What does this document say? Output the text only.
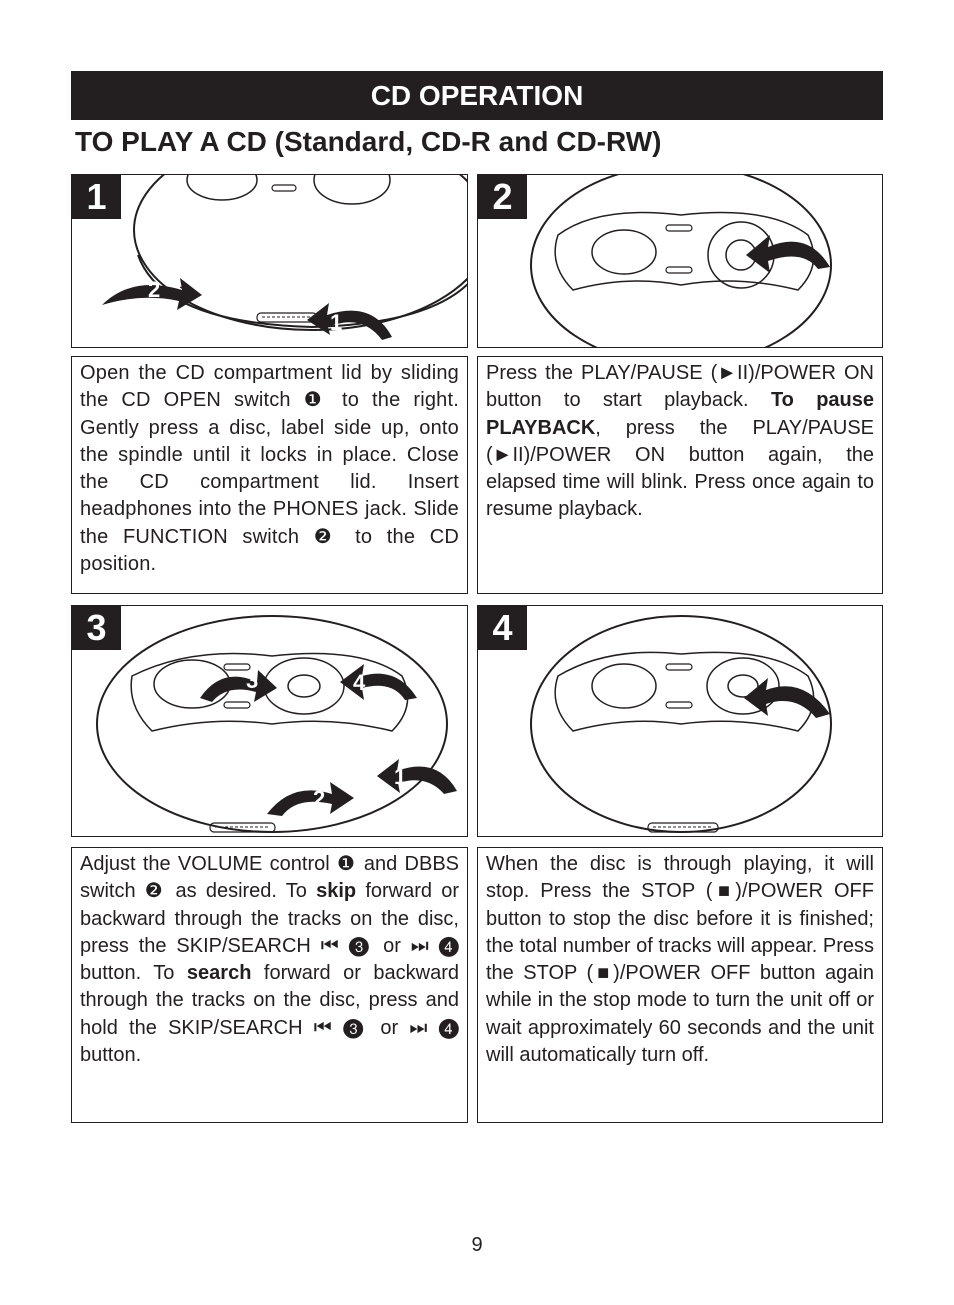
CD OPERATION
TO PLAY A CD (Standard, CD-R and CD-RW)
1
2
1	2
Open the CD compartment lid by sliding the CD OPEN switch ❶ to the right. Gently press a disc, label side up, onto the spindle until it locks in place. Close the CD compartment lid. Insert headphones into the PHONES jack. Slide the FUNCTION switch ❷ to the CD position.
Press the PLAY/PAUSE (►II)/POWER ON button to start playback. To pause PLAYBACK, press the PLAY/PAUSE (►II)/POWER ON button again, the elapsed time will blink. Press once again to resume playback.
1
2
3	4
3	4
Adjust the VOLUME control ❶ and DBBS switch ❷ as desired. To skip forward or backward through the tracks on the disc, press the SKIP/SEARCH ⏮ ❸ or ⏭ ❹ button. To search forward or backward through the tracks on the disc, press and hold the SKIP/SEARCH ⏮ ❸ or ⏭ ❹ button.
When the disc is through playing, it will stop. Press the STOP (■)/POWER OFF button to stop the disc before it is finished; the total number of tracks will appear. Press the STOP (■)/POWER OFF button again while in the stop mode to turn the unit off or wait approximately 60 seconds and the unit will automatically turn off.
9
